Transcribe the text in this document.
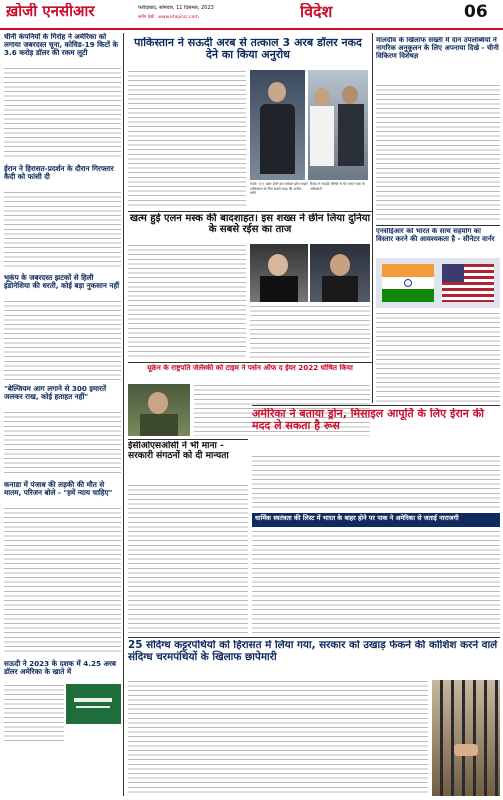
ख़ोजी एनसीआर	फरीदाबाद, सोमवार, 11 दिसम्बर, 2023
ब्लॉग देखें : www.khojincr.com	विदेश	06
चीनी कंपनियों के गिरोह ने अमेरिका को लगाया जबरदस्त चूना, कोविड-19 किटों के 3.6 करोड़ डॉलर की रकम लूटी
ईरान ने हिरासत-प्रदर्शन के दौरान गिरफ्तार कैदी को फांसी दी
भूकंप के जबरदस्त झटकों से हिली इंडोनेशिया की धरती, कोई बड़ा नुकसान नहीं
"बेल्जियम आग लगाने से 300 इमारतें जलकर राख, कोई हताहत नहीं"
कनाडा में पंजाब की लड़की की मौत से मातम, परिजन बोले - "हमें न्याय चाहिए"
सऊदी ने 2023 के दशक में 4.25 अरब डॉलर अमेरिका के खाते में
पाकिस्तान ने सऊदी अरब से तत्काल 3 अरब डॉलर नकद देने का किया अनुरोध
फोटो: ए.ए. खान दोनों देश ग्लोबल हॉल चाहते पाकिस्तान के लिए सबसे मदद की अपील करेंगे
रियाद में सऊदी मंत्रियों से भेंट करते पाक के अधिकारी
मालदीव के खिलाफ सख्ती में दान उपलब्धियों ने नागरिक अनुकूलन के लिए अपनाया दिखे - चीनी विकिरण विशेषज्ञ
एनसीईआर को भारत के साथ सहयोग का विस्तार करने की आवश्यकता है - सीनेटर वार्नर
खत्म हुई एलन मस्क की बादशाहत। इस शख्स ने छीन लिया दुनिया के सबसे रईस का ताज
यूक्रेन के राष्ट्रपति जेलेंस्की को टाइम ने पर्सन ऑफ द ईयर 2022 घोषित किया
ईसीओएसओसी ने भी माना - सरकारी संगठनों को दी मान्यता
अमेरिका ने बताया ड्रोन, मिसाइल आपूर्ति के लिए ईरान की मदद ले सकता है रूस
धार्मिक स्वतंत्रता की लिस्ट में भारत के बाहर होने पर पाक ने अमेरिका से जताई नाराजगी
25 संदिग्ध कट्टरपंथियों को हिरासत में लिया गया, सरकार को उखाड़ फेंकने की कोशिश करने वाले संदिग्ध चरमपंथियों के खिलाफ छापेमारी
